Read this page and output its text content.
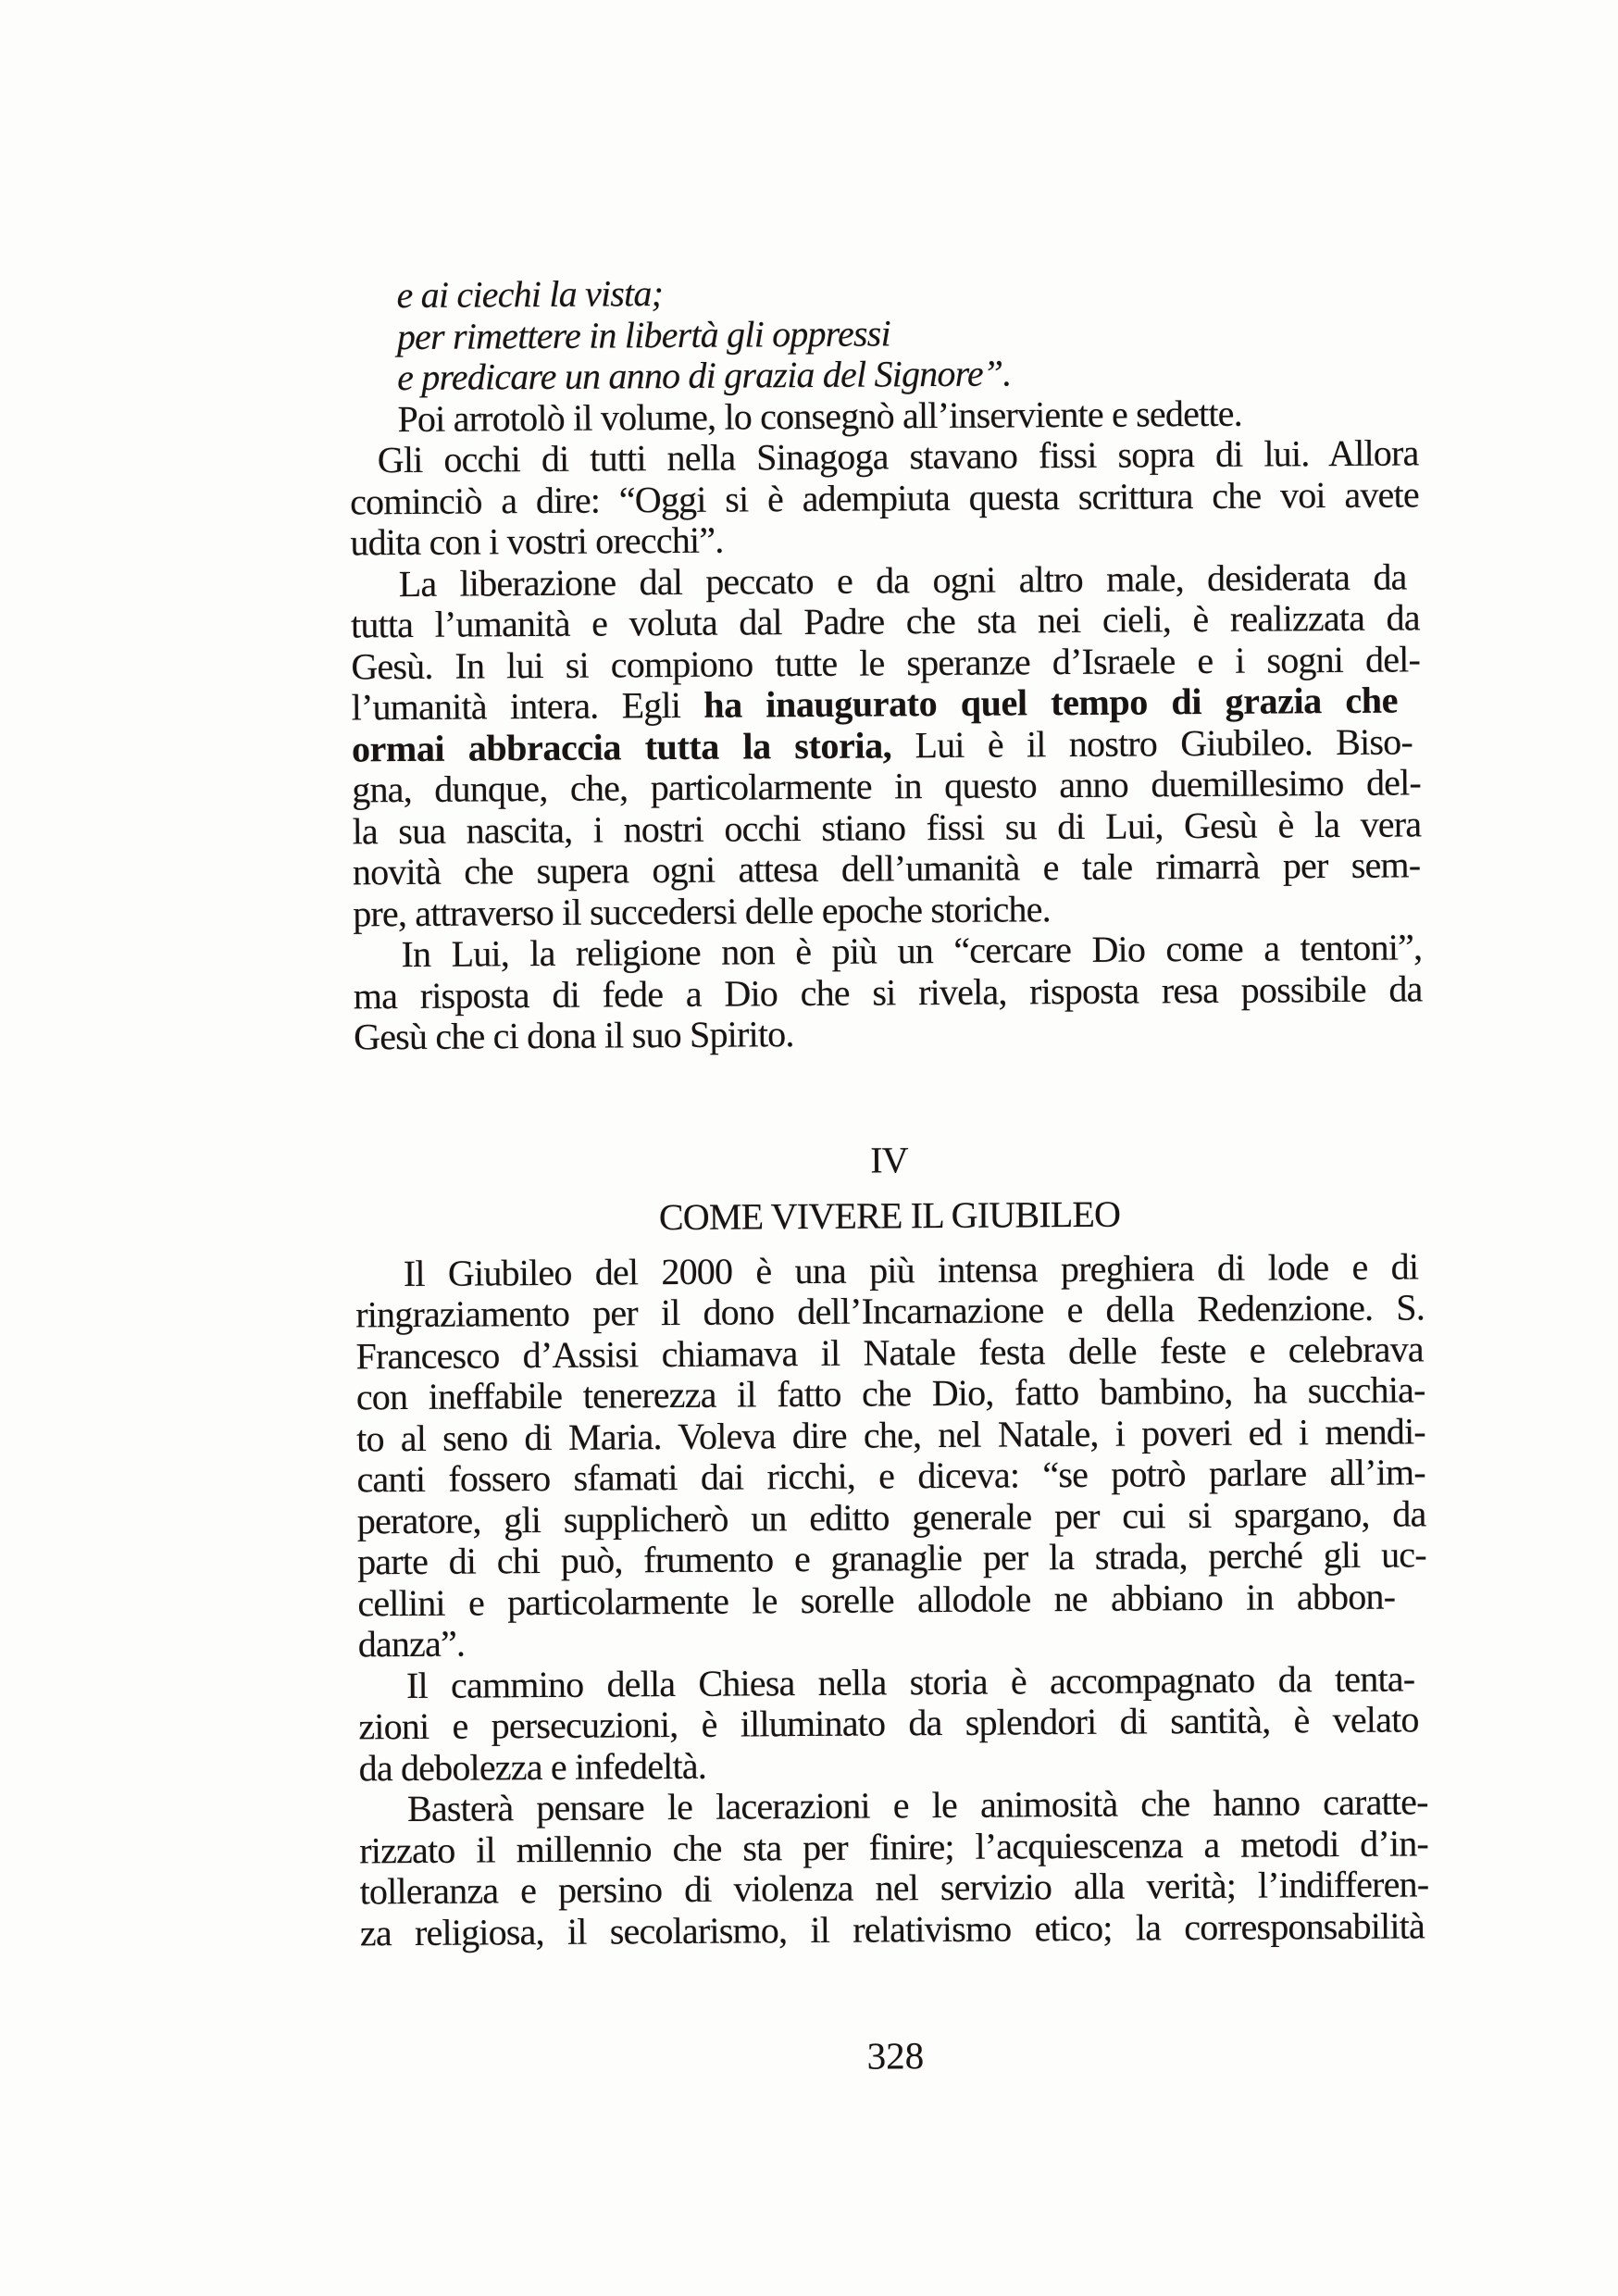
e ai ciechi la vista;
per rimettere in libertà gli oppressi
e predicare un anno di grazia del Signore”.
Poi arrotolò il volume, lo consegnò all’inserviente e sedette.
Gli occhi di tutti nella Sinagoga stavano fissi sopra di lui. Allora
cominciò a dire: “Oggi si è adempiuta questa scrittura che voi avete
udita con i vostri orecchi”.
La liberazione dal peccato e da ogni altro male, desiderata da
tutta l’umanità e voluta dal Padre che sta nei cieli, è realizzata da
Gesù. In lui si compiono tutte le speranze d’Israele e i sogni del-
l’umanità intera. Egli ha inaugurato quel tempo di grazia che
ormai abbraccia tutta la storia, Lui è il nostro Giubileo. Biso-
gna, dunque, che, particolarmente in questo anno duemillesimo del-
la sua nascita, i nostri occhi stiano fissi su di Lui, Gesù è la vera
novità che supera ogni attesa dell’umanità e tale rimarrà per sem-
pre, attraverso il succedersi delle epoche storiche.
In Lui, la religione non è più un “cercare Dio come a tentoni”,
ma risposta di fede a Dio che si rivela, risposta resa possibile da
Gesù che ci dona il suo Spirito.
IV
COME VIVERE IL GIUBILEO
Il Giubileo del 2000 è una più intensa preghiera di lode e di
ringraziamento per il dono dell’Incarnazione e della Redenzione. S.
Francesco d’Assisi chiamava il Natale festa delle feste e celebrava
con ineffabile tenerezza il fatto che Dio, fatto bambino, ha succhia-
to al seno di Maria. Voleva dire che, nel Natale, i poveri ed i mendi-
canti fossero sfamati dai ricchi, e diceva: “se potrò parlare all’im-
peratore, gli supplicherò un editto generale per cui si spargano, da
parte di chi può, frumento e granaglie per la strada, perché gli uc-
cellini e particolarmente le sorelle allodole ne abbiano in abbon-
danza”.
Il cammino della Chiesa nella storia è accompagnato da tenta-
zioni e persecuzioni, è illuminato da splendori di santità, è velato
da debolezza e infedeltà.
Basterà pensare le lacerazioni e le animosità che hanno caratte-
rizzato il millennio che sta per finire; l’acquiescenza a metodi d’in-
tolleranza e persino di violenza nel servizio alla verità; l’indifferen-
za religiosa, il secolarismo, il relativismo etico; la corresponsabilità
328
